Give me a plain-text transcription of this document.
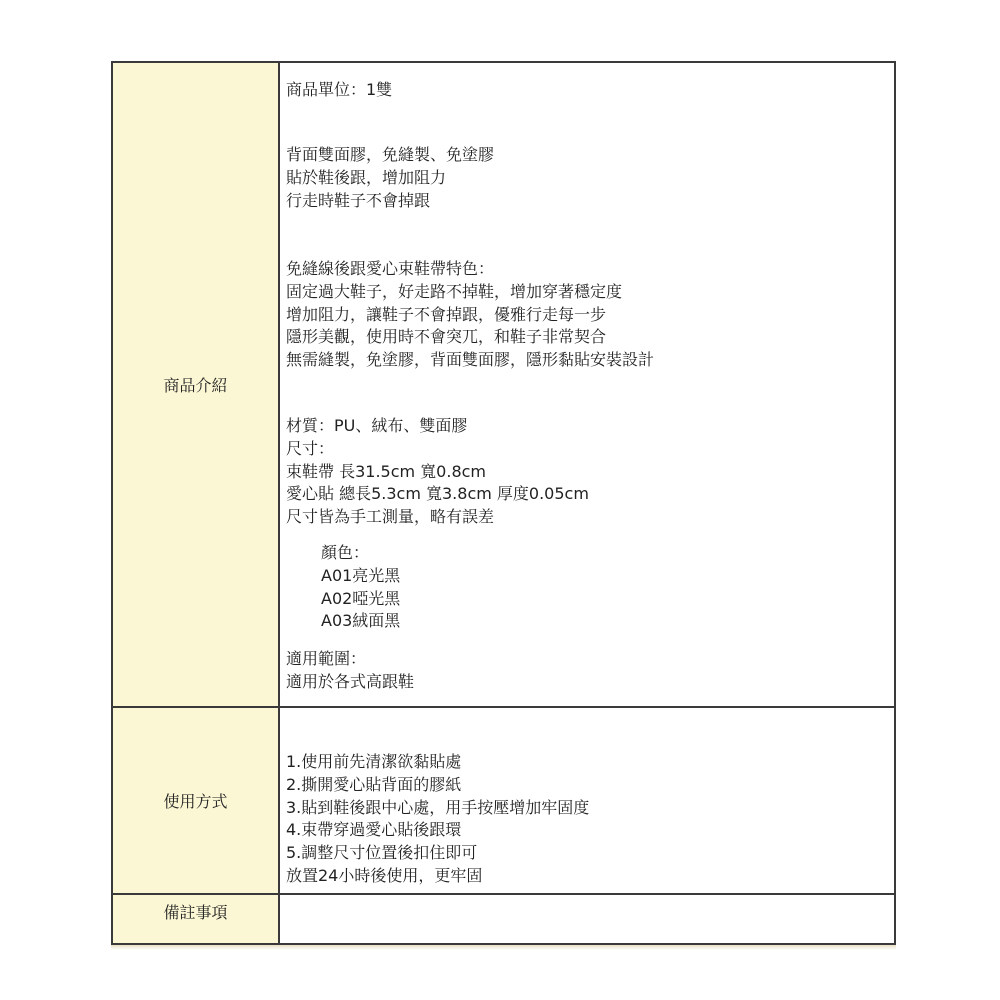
商品介紹

商品單位：1雙

背面雙面膠，免縫製、免塗膠

貼於鞋後跟，增加阻力

行走時鞋子不會掉跟

免縫線後跟愛心束鞋帶特色：

固定過大鞋子，好走路不掉鞋，增加穿著穩定度

增加阻力，讓鞋子不會掉跟，優雅行走每一步

隱形美觀，使用時不會突兀，和鞋子非常契合

無需縫製，免塗膠，背面雙面膠，隱形黏貼安裝設計

材質：PU、絨布、雙面膠

尺寸：

束鞋帶 長31.5cm 寬0.8cm

愛心貼 總長5.3cm 寬3.8cm 厚度0.05cm

尺寸皆為手工測量，略有誤差

顏色：

A01亮光黑

A02啞光黑

A03絨面黑

適用範圍：

適用於各式高跟鞋

使用方式

1.使用前先清潔欲黏貼處

2.撕開愛心貼背面的膠紙

3.貼到鞋後跟中心處，用手按壓增加牢固度

4.束帶穿過愛心貼後跟環

5.調整尺寸位置後扣住即可

放置24小時後使用，更牢固

備註事項
